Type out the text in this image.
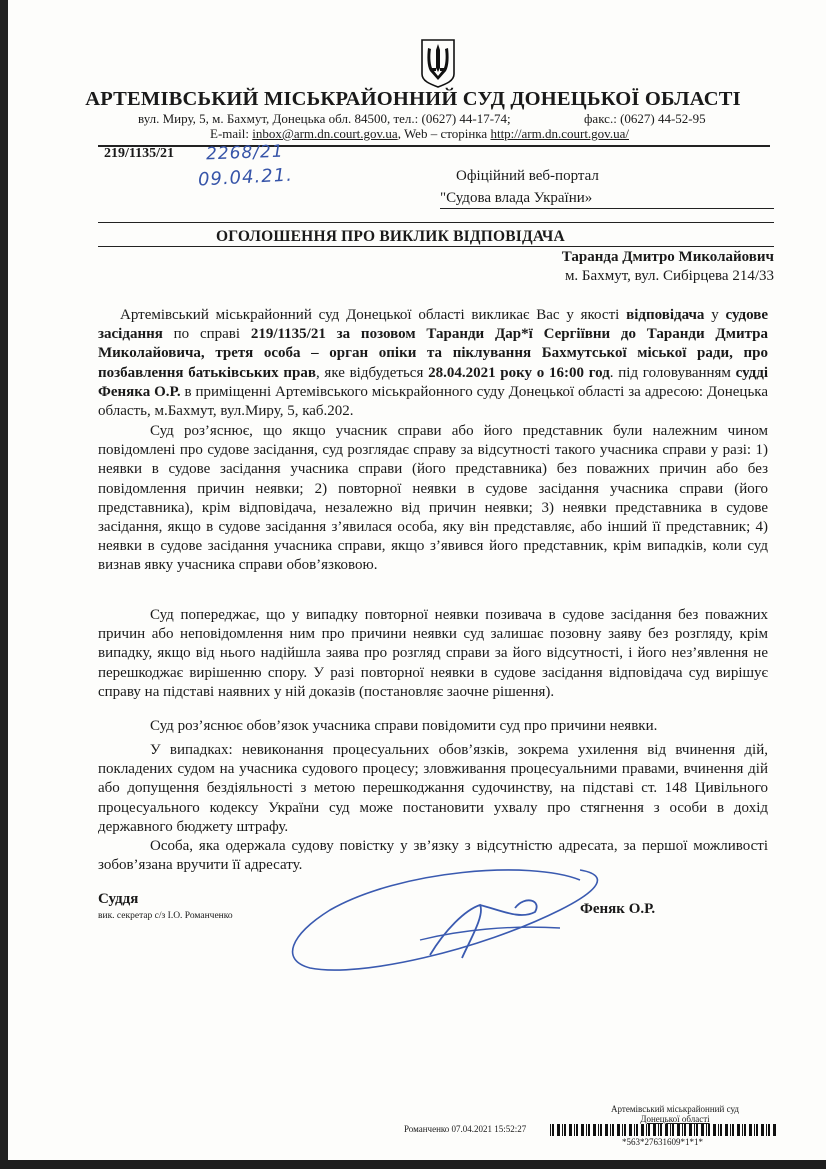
АРТЕМІВСЬКИЙ МІСЬКРАЙОННИЙ СУД ДОНЕЦЬКОЇ ОБЛАСТІ
вул. Миру, 5, м. Бахмут, Донецька обл. 84500, тел.: (0627) 44-17-74;	факс.: (0627) 44-52-95
E-mail: inbox@arm.dn.court.gov.ua, Web – сторінка http://arm.dn.court.gov.ua/
219/1135/21 2268/21
09.04.21.	Офіційний веб-портал
"Судова влада України»
ОГОЛОШЕННЯ ПРО ВИКЛИК ВІДПОВІДАЧА
Таранда Дмитро Миколайович
м. Бахмут, вул. Сибірцева 214/33
Артемівський міськрайонний суд Донецької області викликає Вас у якості відповідача у судове засідання по справі 219/1135/21 за позовом Таранди Дар*ї Сергіївни до Таранди Дмитра Миколайовича, третя особа – орган опіки та піклування Бахмутської міської ради, про позбавлення батьківських прав, яке відбудеться 28.04.2021 року о 16:00 год. під головуванням судді Феняка О.Р. в приміщенні Артемівського міськрайонного суду Донецької області за адресою: Донецька область, м.Бахмут, вул.Миру, 5, каб.202.
Суд роз’яснює, що якщо учасник справи або його представник були належним чином повідомлені про судове засідання, суд розглядає справу за відсутності такого учасника справи у разі: 1) неявки в судове засідання учасника справи (його представника) без поважних причин або без повідомлення причин неявки; 2) повторної неявки в судове засідання учасника справи (його представника), крім відповідача, незалежно від причин неявки; 3) неявки представника в судове засідання, якщо в судове засідання з’явилася особа, яку він представляє, або інший її представник; 4) неявки в судове засідання учасника справи, якщо з’явився його представник, крім випадків, коли суд визнав явку учасника справи обов’язковою.
Суд попереджає, що у випадку повторної неявки позивача в судове засідання без поважних причин або неповідомлення ним про причини неявки суд залишає позовну заяву без розгляду, крім випадку, якщо від нього надійшла заява про розгляд справи за його відсутності, і його нез’явлення не перешкоджає вирішенню спору. У разі повторної неявки в судове засідання відповідача суд вирішує справу на підставі наявних у ній доказів (постановляє заочне рішення).
Суд роз’яснює обов’язок учасника справи повідомити суд про причини неявки.
У випадках: невиконання процесуальних обов’язків, зокрема ухилення від вчинення дій, покладених судом на учасника судового процесу; зловживання процесуальними правами, вчинення дій або допущення бездіяльності з метою перешкоджання судочинству, на підставі ст. 148 Цивільного процесуального кодексу України суд може постановити ухвалу про стягнення з особи в дохід державного бюджету штрафу.
Особа, яка одержала судову повістку у зв’язку з відсутністю адресата, за першої можливості зобов’язана вручити її адресату.
Суддя
вик. секретар с/з І.О. Романченко	Феняк О.Р.
Артемівський міськрайонний суд
Донецької області
Романченко 07.04.2021 15:52:27
*563*27631609*1*1*
